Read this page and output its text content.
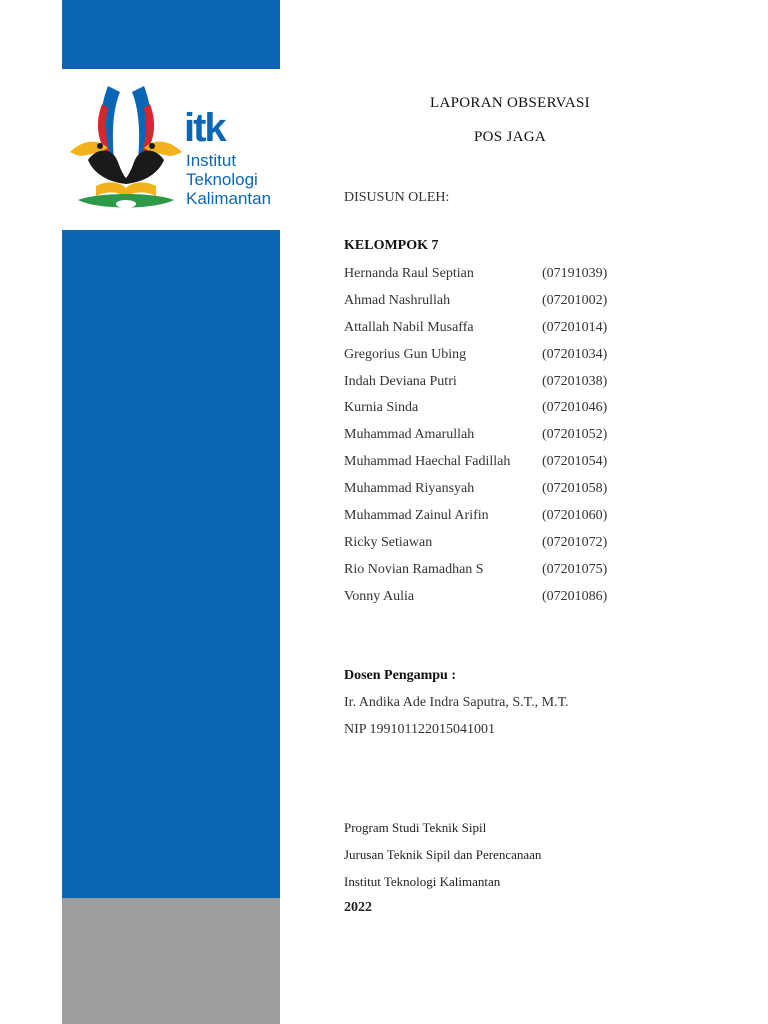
itk
Institut
Teknologi
Kalimantan
LAPORAN OBSERVASI
POS JAGA
DISUSUN OLEH:
KELOMPOK 7
Hernanda Raul Septian	(07191039)
Ahmad Nashrullah	(07201002)
Attallah Nabil Musaffa	(07201014)
Gregorius Gun Ubing	(07201034)
Indah Deviana Putri	(07201038)
Kurnia Sinda	(07201046)
Muhammad Amarullah	(07201052)
Muhammad Haechal Fadillah (07201054)
Muhammad Riyansyah	(07201058)
Muhammad Zainul Arifin	(07201060)
Ricky Setiawan	(07201072)
Rio Novian Ramadhan S	(07201075)
Vonny Aulia	(07201086)
Dosen Pengampu :
Ir. Andika Ade Indra Saputra, S.T., M.T.
NIP 199101122015041001
Program Studi Teknik Sipil
Jurusan Teknik Sipil dan Perencanaan
Institut Teknologi Kalimantan
2022
